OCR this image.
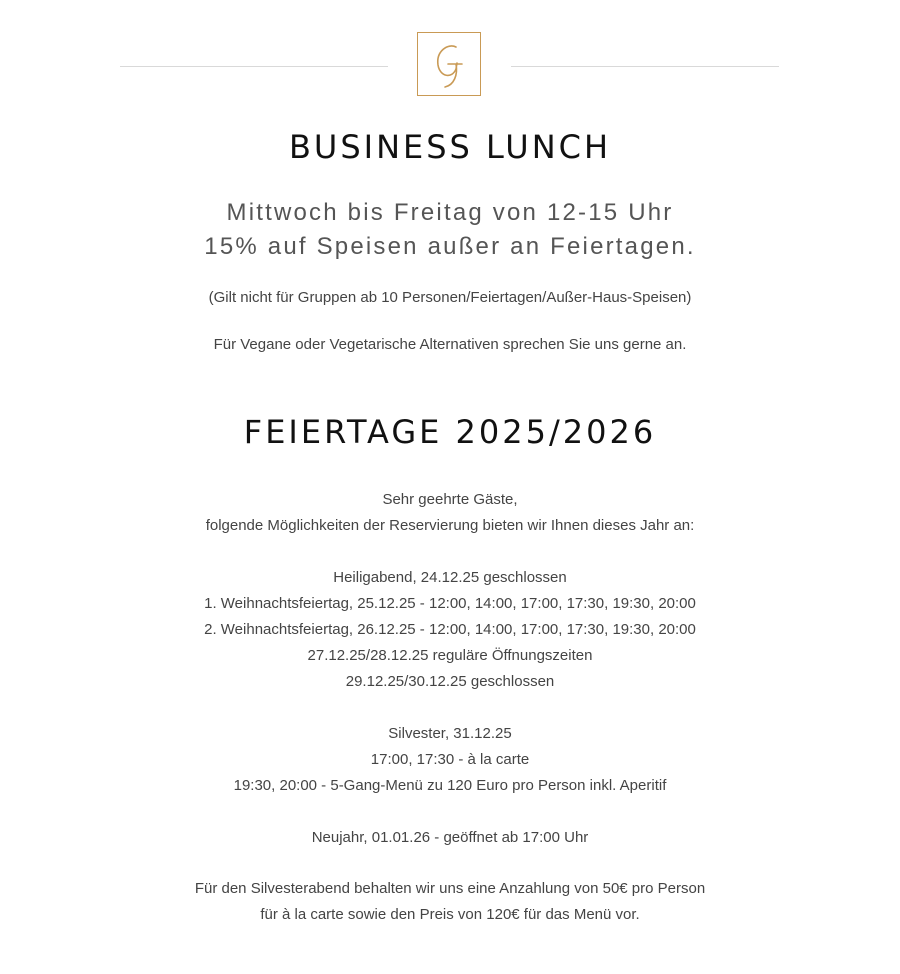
BUSINESS LUNCH
Mittwoch bis Freitag von 12-15 Uhr
15% auf Speisen außer an Feiertagen.
(Gilt nicht für Gruppen ab 10 Personen/Feiertagen/Außer-Haus-Speisen)
Für Vegane oder Vegetarische Alternativen sprechen Sie uns gerne an.
FEIERTAGE 2025/2026
Sehr geehrte Gäste,
folgende Möglichkeiten der Reservierung bieten wir Ihnen dieses Jahr an:
Heiligabend, 24.12.25 geschlossen
1. Weihnachtsfeiertag, 25.12.25 - 12:00, 14:00, 17:00, 17:30, 19:30, 20:00
2. Weihnachtsfeiertag, 26.12.25 - 12:00, 14:00, 17:00, 17:30, 19:30, 20:00
27.12.25/28.12.25 reguläre Öffnungszeiten
29.12.25/30.12.25 geschlossen
Silvester, 31.12.25
17:00, 17:30 - à la carte
19:30, 20:00 - 5-Gang-Menü zu 120 Euro pro Person inkl. Aperitif
Neujahr, 01.01.26 - geöffnet ab 17:00 Uhr
Für den Silvesterabend behalten wir uns eine Anzahlung von 50€ pro Person
für à la carte sowie den Preis von 120€ für das Menü vor.
